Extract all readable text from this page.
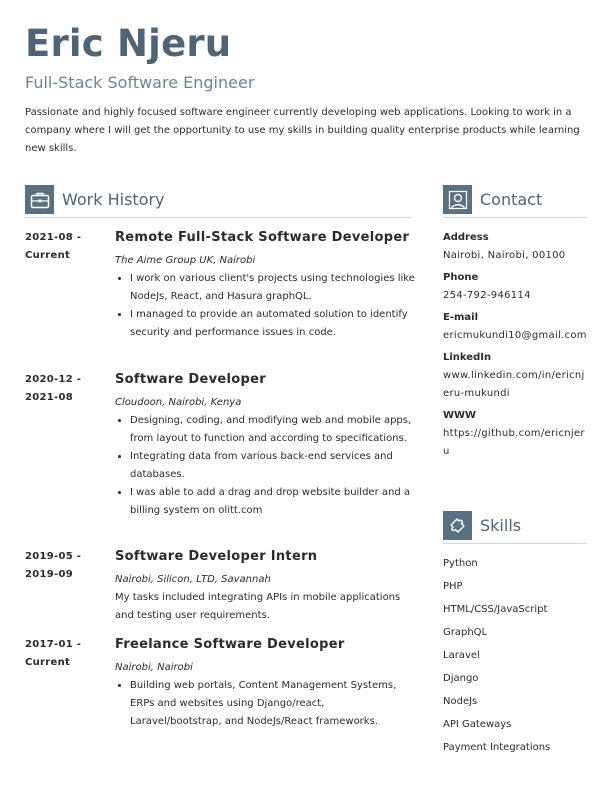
Eric Njeru
Full-Stack Software Engineer
Passionate and highly focused software engineer currently developing web applications. Looking to work in a company where I will get the opportunity to use my skills in building quality enterprise products while learning new skills.
Work History
2021-08 -
Current
Remote Full-Stack Software Developer
The Aime Group UK, Nairobi
• I work on various client's projects using technologies like NodeJs, React, and Hasura graphQL.
• I managed to provide an automated solution to identify security and performance issues in code.
2020-12 -
2021-08
Software Developer
Cloudoon, Nairobi, Kenya
• Designing, coding, and modifying web and mobile apps, from layout to function and according to specifications.
• Integrating data from various back-end services and databases.
• I was able to add a drag and drop website builder and a billing system on olitt.com
2019-05 -
2019-09
Software Developer Intern
Nairobi, Silicon, LTD, Savannah
My tasks included integrating APIs in mobile applications and testing user requirements.
2017-01 -
Current
Freelance Software Developer
Nairobi, Nairobi
• Building web portals, Content Management Systems, ERPs and websites using Django/react, Laravel/bootstrap, and NodeJs/React frameworks.
Contact
Address
Nairobi, Nairobi, 00100
Phone
254-792-946114
E-mail
ericmukundi10@gmail.com
LinkedIn
www.linkedin.com/in/ericnjeru-mukundi
WWW
https://github.com/ericnjeru
Skills
Python
PHP
HTML/CSS/JavaScript
GraphQL
Laravel
Django
NodeJs
API Gateways
Payment Integrations
